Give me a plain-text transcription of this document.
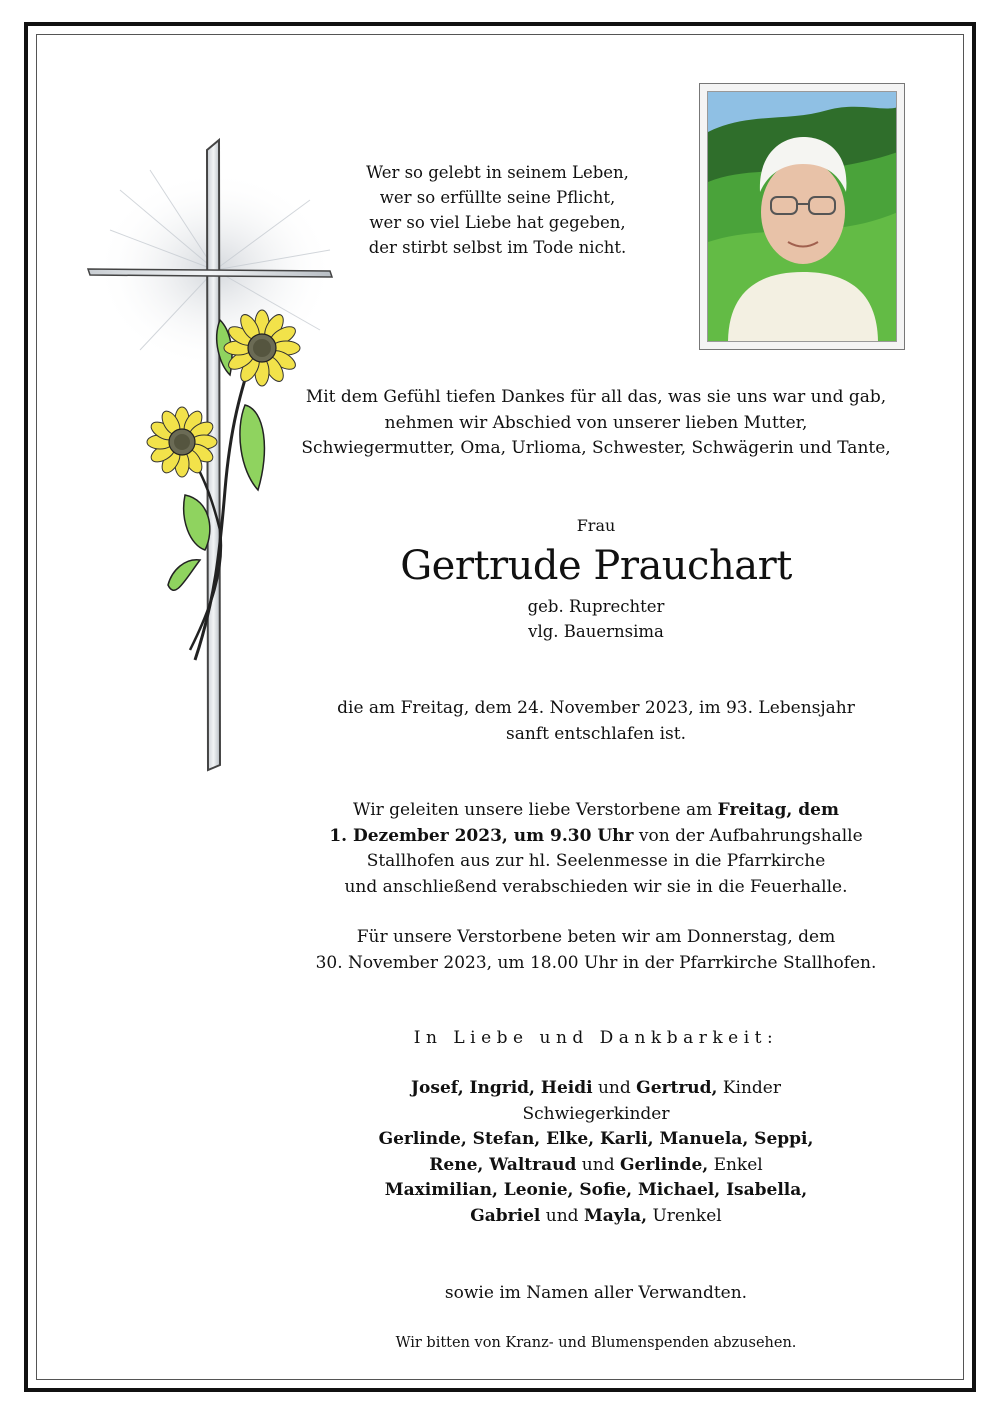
Wer so gelebt in seinem Leben,
wer so erfüllte seine Pflicht,
wer so viel Liebe hat gegeben,
der stirbt selbst im Tode nicht.
Mit dem Gefühl tiefen Dankes für all das, was sie uns war und gab,
nehmen wir Abschied von unserer lieben Mutter,
Schwiegermutter, Oma, Urlioma, Schwester, Schwägerin und Tante,
Frau
Gertrude Prauchart
geb. Ruprechter
vlg. Bauernsima
die am Freitag, dem 24. November 2023, im 93. Lebensjahr
sanft entschlafen ist.
Wir geleiten unsere liebe Verstorbene am Freitag, dem
1. Dezember 2023, um 9.30 Uhr von der Aufbahrungshalle
Stallhofen aus zur hl. Seelenmesse in die Pfarrkirche
und anschließend verabschieden wir sie in die Feuerhalle.
Für unsere Verstorbene beten wir am Donnerstag, dem
30. November 2023, um 18.00 Uhr in der Pfarrkirche Stallhofen.
In Liebe und Dankbarkeit:
Josef, Ingrid, Heidi und Gertrud, Kinder
Schwiegerkinder
Gerlinde, Stefan, Elke, Karli, Manuela, Seppi,
Rene, Waltraud und Gerlinde, Enkel
Maximilian, Leonie, Sofie, Michael, Isabella,
Gabriel und Mayla, Urenkel
sowie im Namen aller Verwandten.
Wir bitten von Kranz- und Blumenspenden abzusehen.
